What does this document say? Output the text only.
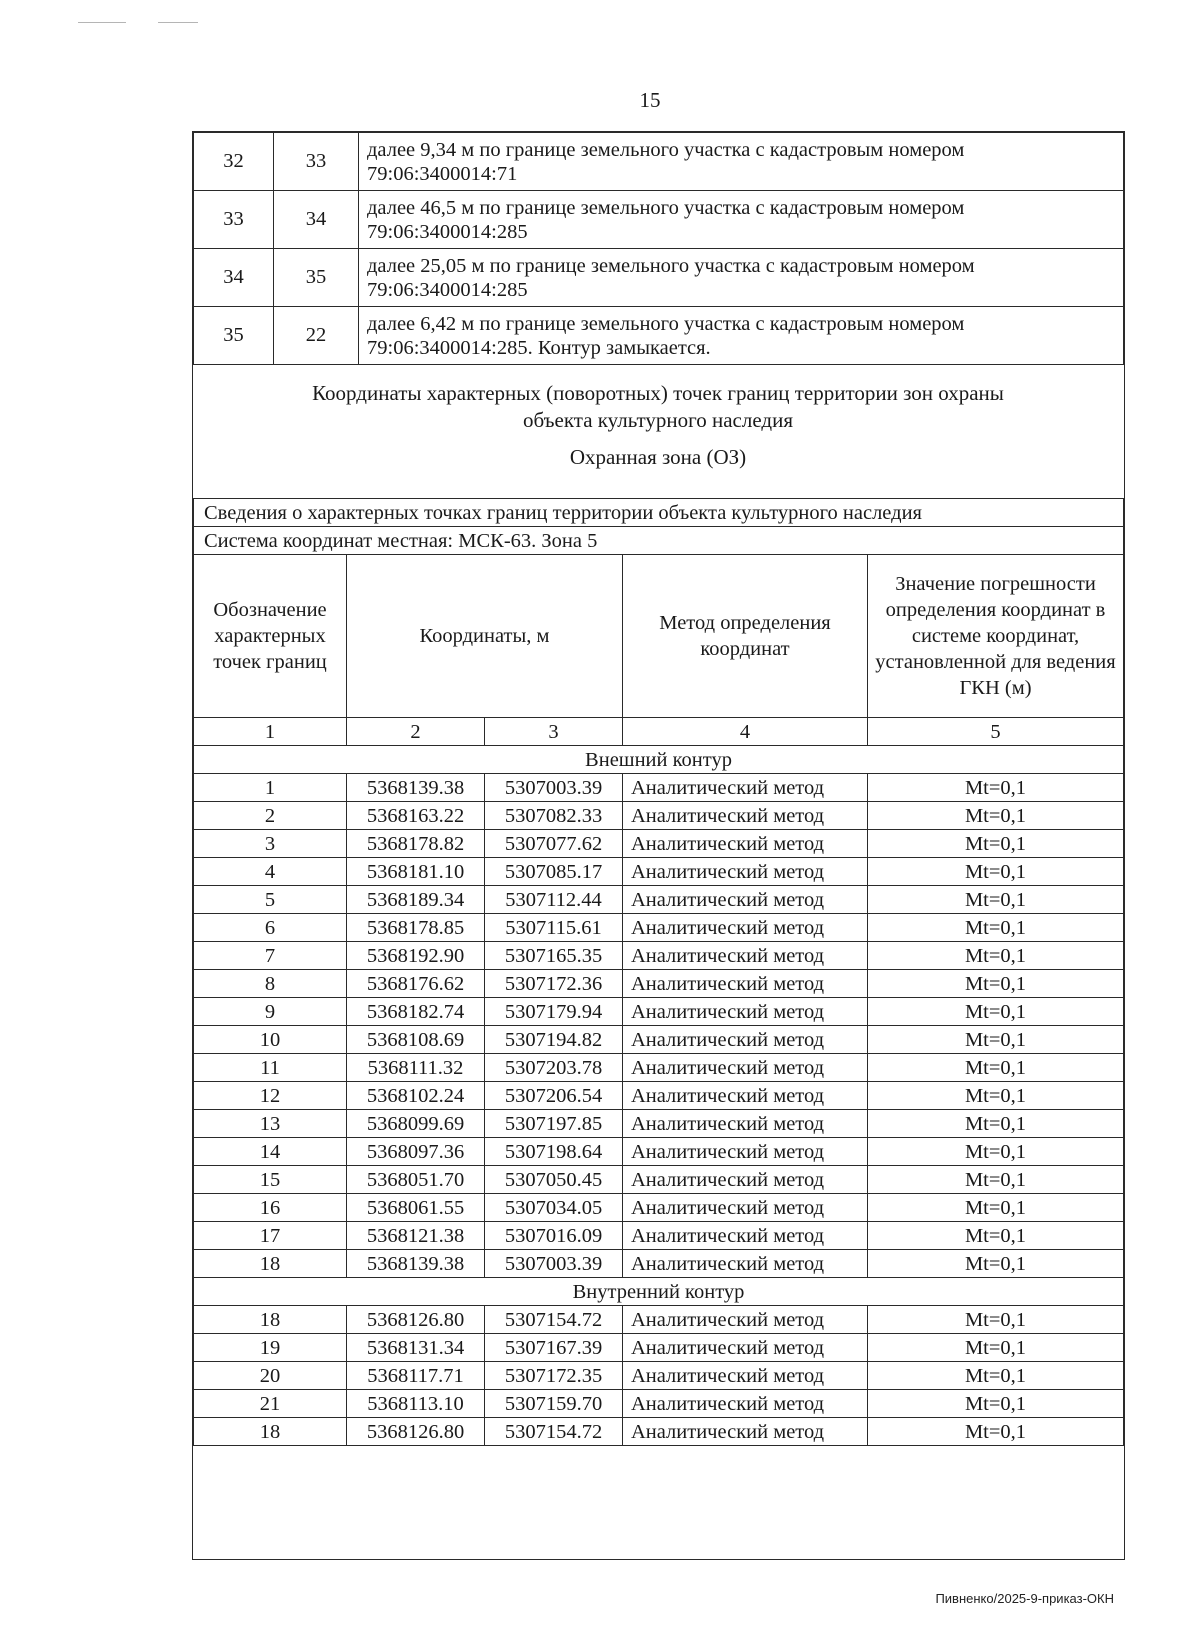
15
32	33	далее 9,34 м по границе земельного участка с кадастровым номером
79:06:3400014:71

33	34	далее 46,5 м по границе земельного участка с кадастровым номером
79:06:3400014:285

34	35	далее 25,05 м по границе земельного участка с кадастровым номером
79:06:3400014:285

35	22	далее 6,42 м по границе земельного участка с кадастровым номером
79:06:3400014:285. Контур замыкается.
Координаты характерных (поворотных) точек границ территории зон охраны
объекта культурного наследия
Охранная зона (ОЗ)
Сведения о характерных точках границ территории объекта культурного наследия				
Система координат местная: МСК-63. Зона 5				
Обозначение характерных точек границ	Координаты, м		Метод определения координат	Значение погрешности определения координат в системе координат, установленной для ведения ГКН (м)
1	2	3	4	5
Внешний контур				
1	5368139.38	5307003.39	Аналитический метод	Mt=0,1
2	5368163.22	5307082.33	Аналитический метод	Mt=0,1
3	5368178.82	5307077.62	Аналитический метод	Mt=0,1
4	5368181.10	5307085.17	Аналитический метод	Mt=0,1
5	5368189.34	5307112.44	Аналитический метод	Mt=0,1
6	5368178.85	5307115.61	Аналитический метод	Mt=0,1
7	5368192.90	5307165.35	Аналитический метод	Mt=0,1
8	5368176.62	5307172.36	Аналитический метод	Mt=0,1
9	5368182.74	5307179.94	Аналитический метод	Mt=0,1
10	5368108.69	5307194.82	Аналитический метод	Mt=0,1
11	5368111.32	5307203.78	Аналитический метод	Mt=0,1
12	5368102.24	5307206.54	Аналитический метод	Mt=0,1
13	5368099.69	5307197.85	Аналитический метод	Mt=0,1
14	5368097.36	5307198.64	Аналитический метод	Mt=0,1
15	5368051.70	5307050.45	Аналитический метод	Mt=0,1
16	5368061.55	5307034.05	Аналитический метод	Mt=0,1
17	5368121.38	5307016.09	Аналитический метод	Mt=0,1
18	5368139.38	5307003.39	Аналитический метод	Mt=0,1
Внутренний контур				
18	5368126.80	5307154.72	Аналитический метод	Mt=0,1
19	5368131.34	5307167.39	Аналитический метод	Mt=0,1
20	5368117.71	5307172.35	Аналитический метод	Mt=0,1
21	5368113.10	5307159.70	Аналитический метод	Mt=0,1
18	5368126.80	5307154.72	Аналитический метод	Mt=0,1
Пивненко/2025-9-приказ-ОКН
